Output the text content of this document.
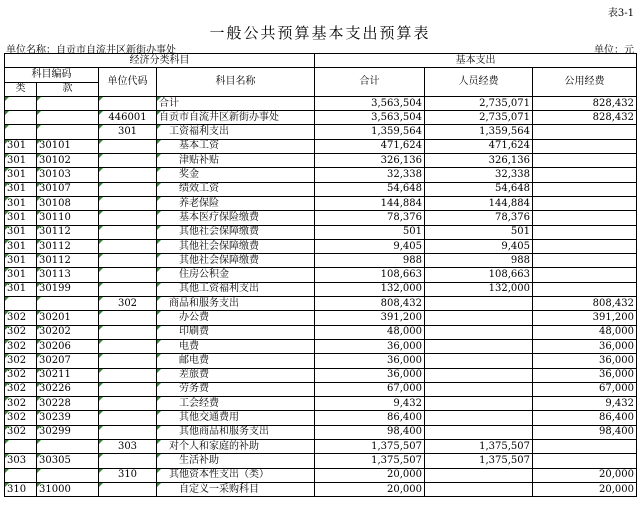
表3-1
一般公共预算基本支出预算表
单位名称：自贡市自流井区新街办事处	单位：元
经济分类科目				基本支出		
科目编码		单位代码	科目名称	合计	人员经费	公用经费
类	款					
			合计	3,563,504	2,735,071	828,432
		446001	自贡市自流井区新街办事处	3,563,504	2,735,071	828,432
		301	工资福利支出	1,359,564	1,359,564	
301	30101		基本工资	471,624	471,624	
301	30102		津贴补贴	326,136	326,136	
301	30103		奖金	32,338	32,338	
301	30107		绩效工资	54,648	54,648	
301	30108		养老保险	144,884	144,884	
301	30110		基本医疗保险缴费	78,376	78,376	
301	30112		其他社会保障缴费	501	501	
301	30112		其他社会保障缴费	9,405	9,405	
301	30112		其他社会保障缴费	988	988	
301	30113		住房公积金	108,663	108,663	
301	30199		其他工资福利支出	132,000	132,000	
		302	商品和服务支出	808,432		808,432
302	30201		办公费	391,200		391,200
302	30202		印刷费	48,000		48,000
302	30206		电费	36,000		36,000
302	30207		邮电费	36,000		36,000
302	30211		差旅费	36,000		36,000
302	30226		劳务费	67,000		67,000
302	30228		工会经费	9,432		9,432
302	30239		其他交通费用	86,400		86,400
302	30299		其他商品和服务支出	98,400		98,400
		303	对个人和家庭的补助	1,375,507	1,375,507	
303	30305		生活补助	1,375,507	1,375,507	
		310	其他资本性支出（类）	20,000		20,000
310	31000		自定义一采购科目	20,000		20,000
